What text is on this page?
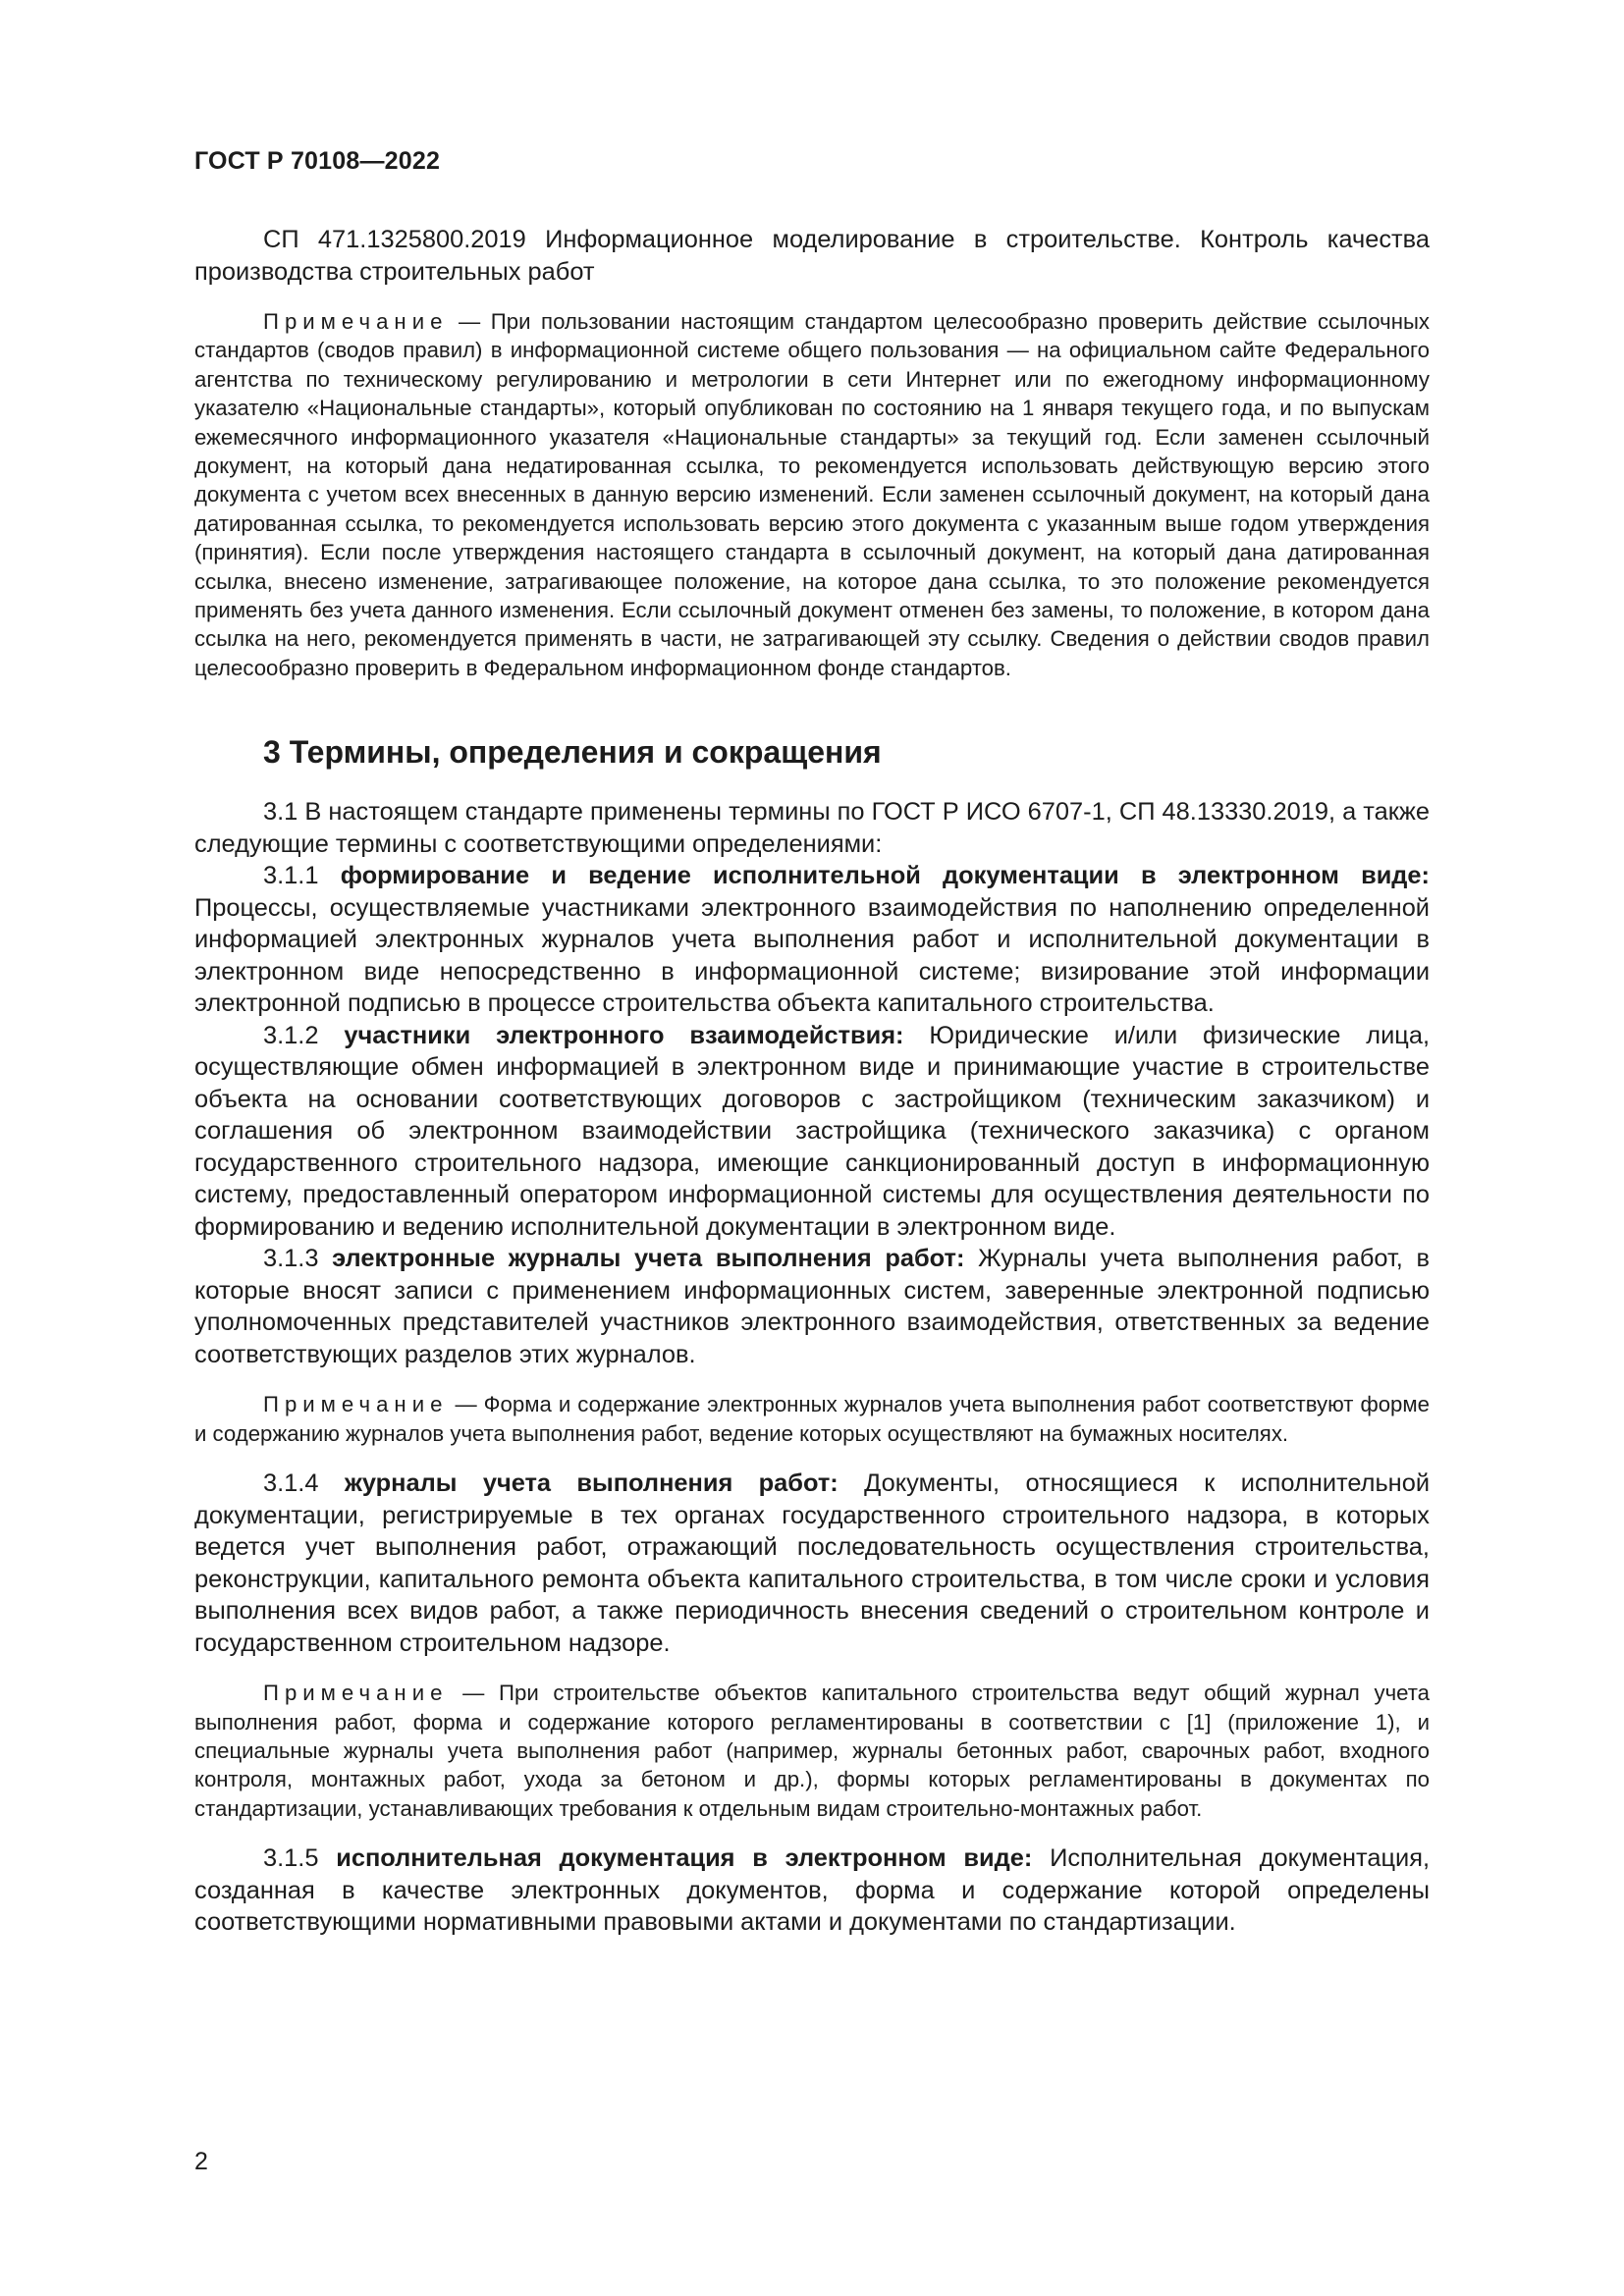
ГОСТ Р 70108—2022

СП 471.1325800.2019 Информационное моделирование в строительстве. Контроль качества производства строительных работ

Примечание — При пользовании настоящим стандартом целесообразно проверить действие ссылочных стандартов (сводов правил) в информационной системе общего пользования — на официальном сайте Федерального агентства по техническому регулированию и метрологии в сети Интернет или по ежегодному информационному указателю «Национальные стандарты», который опубликован по состоянию на 1 января текущего года, и по выпускам ежемесячного информационного указателя «Национальные стандарты» за текущий год. Если заменен ссылочный документ, на который дана недатированная ссылка, то рекомендуется использовать действующую версию этого документа с учетом всех внесенных в данную версию изменений. Если заменен ссылочный документ, на который дана датированная ссылка, то рекомендуется использовать версию этого документа с указанным выше годом утверждения (принятия). Если после утверждения настоящего стандарта в ссылочный документ, на который дана датированная ссылка, внесено изменение, затрагивающее положение, на которое дана ссылка, то это положение рекомендуется применять без учета данного изменения. Если ссылочный документ отменен без замены, то положение, в котором дана ссылка на него, рекомендуется применять в части, не затрагивающей эту ссылку. Сведения о действии сводов правил целесообразно проверить в Федеральном информационном фонде стандартов.

3 Термины, определения и сокращения

3.1 В настоящем стандарте применены термины по ГОСТ Р ИСО 6707-1, СП 48.13330.2019, а также следующие термины с соответствующими определениями:

3.1.1 формирование и ведение исполнительной документации в электронном виде: Процессы, осуществляемые участниками электронного взаимодействия по наполнению определенной информацией электронных журналов учета выполнения работ и исполнительной документации в электронном виде непосредственно в информационной системе; визирование этой информации электронной подписью в процессе строительства объекта капитального строительства.

3.1.2 участники электронного взаимодействия: Юридические и/или физические лица, осуществляющие обмен информацией в электронном виде и принимающие участие в строительстве объекта на основании соответствующих договоров с застройщиком (техническим заказчиком) и соглашения об электронном взаимодействии застройщика (технического заказчика) с органом государственного строительного надзора, имеющие санкционированный доступ в информационную систему, предоставленный оператором информационной системы для осуществления деятельности по формированию и ведению исполнительной документации в электронном виде.

3.1.3 электронные журналы учета выполнения работ: Журналы учета выполнения работ, в которые вносят записи с применением информационных систем, заверенные электронной подписью уполномоченных представителей участников электронного взаимодействия, ответственных за ведение соответствующих разделов этих журналов.

Примечание — Форма и содержание электронных журналов учета выполнения работ соответствуют форме и содержанию журналов учета выполнения работ, ведение которых осуществляют на бумажных носителях.

3.1.4 журналы учета выполнения работ: Документы, относящиеся к исполнительной документации, регистрируемые в тех органах государственного строительного надзора, в которых ведется учет выполнения работ, отражающий последовательность осуществления строительства, реконструкции, капитального ремонта объекта капитального строительства, в том числе сроки и условия выполнения всех видов работ, а также периодичность внесения сведений о строительном контроле и государственном строительном надзоре.

Примечание — При строительстве объектов капитального строительства ведут общий журнал учета выполнения работ, форма и содержание которого регламентированы в соответствии с [1] (приложение 1), и специальные журналы учета выполнения работ (например, журналы бетонных работ, сварочных работ, входного контроля, монтажных работ, ухода за бетоном и др.), формы которых регламентированы в документах по стандартизации, устанавливающих требования к отдельным видам строительно-монтажных работ.

3.1.5 исполнительная документация в электронном виде: Исполнительная документация, созданная в качестве электронных документов, форма и содержание которой определены соответствующими нормативными правовыми актами и документами по стандартизации.

2
